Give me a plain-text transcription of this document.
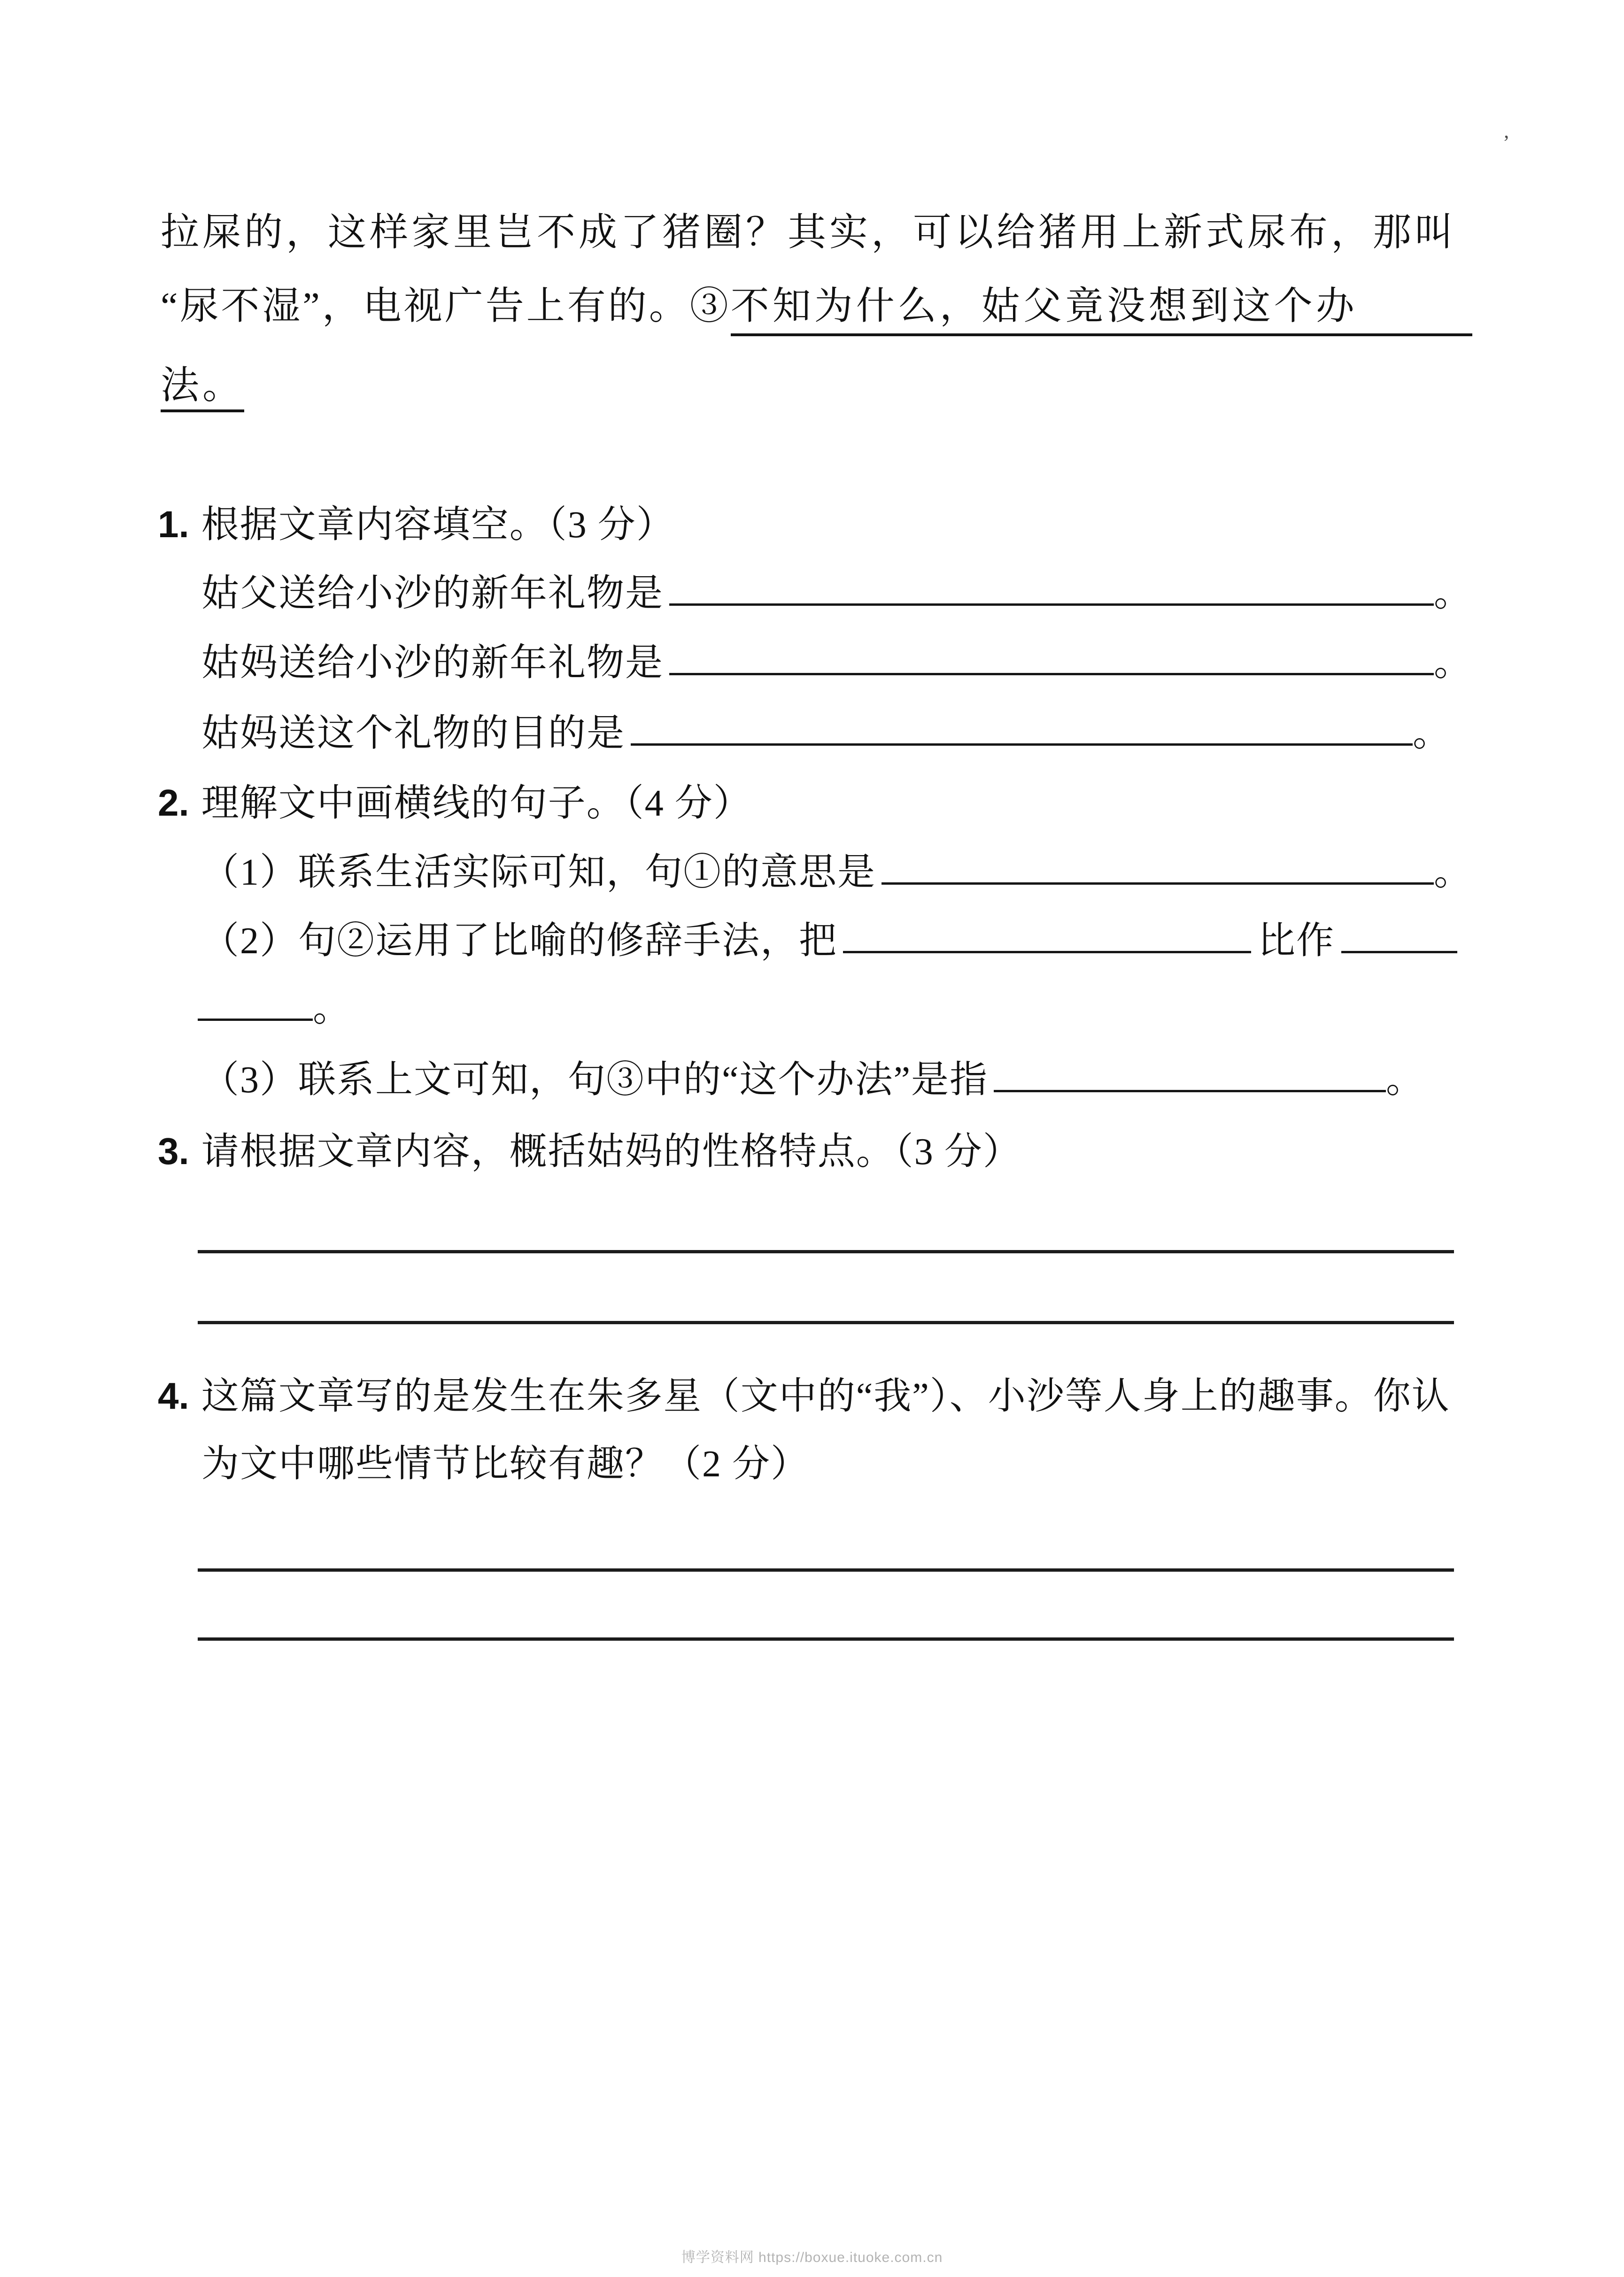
’
拉屎的，这样家里岂不成了猪圈？其实，可以给猪用上新式尿布，那叫
“尿不湿”，电视广告上有的。③ 不知为什么，姑父竟没想到这个办
法。
1. 根据文章内容填空。（3 分）
姑父送给小沙的新年礼物是	。
姑妈送给小沙的新年礼物是	。
姑妈送这个礼物的目的是	。
2. 理解文中画横线的句子。（4 分）
（1） 联系生活实际可知，句①的意思是	。
（2） 句②运用了比喻的修辞手法，把	比作
。
（3） 联系上文可知，句③中的“这个办法”是指	。
3. 请根据文章内容，概括姑妈的性格特点。（3 分）
4. 这篇文章写的是发生在朱多星（文中的“我”）、小沙等人身上的趣事。你认
为文中哪些情节比较有趣？（2 分）
博学资料网 https://boxue.ituoke.com.cn
